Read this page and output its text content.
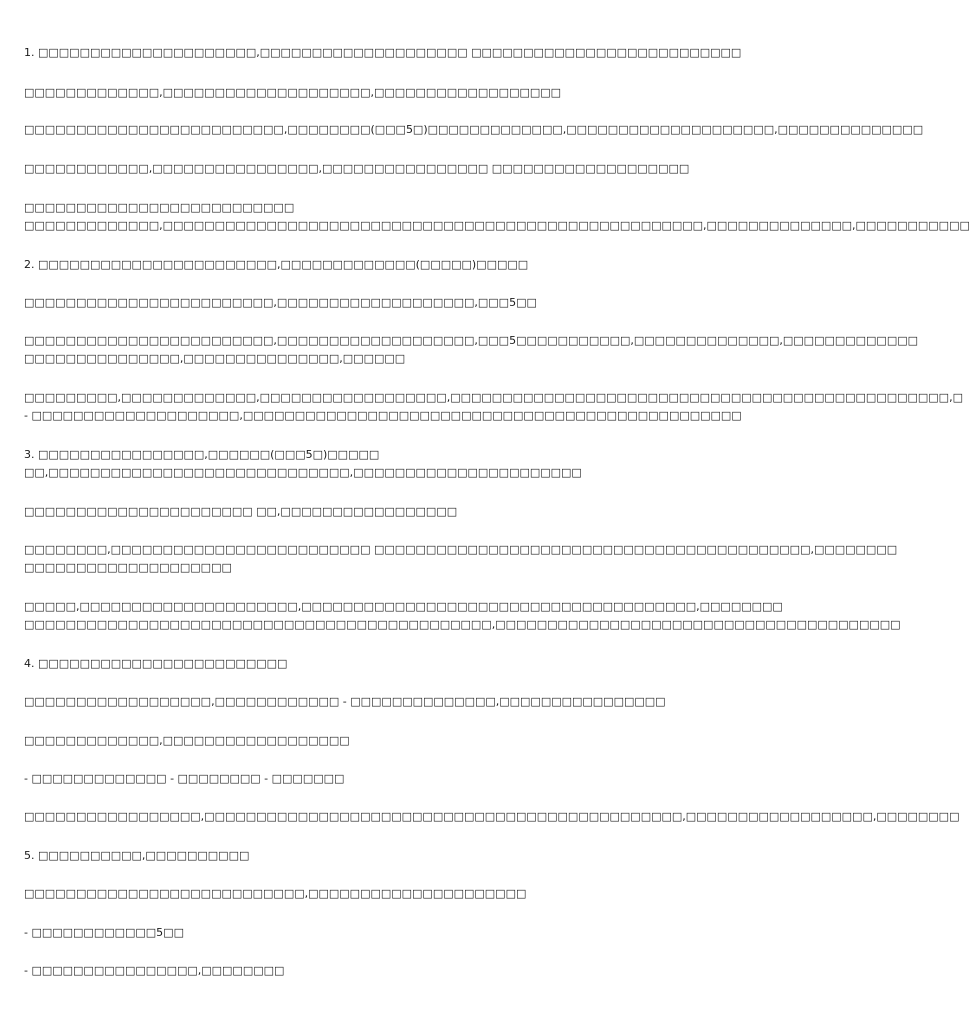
1. □□□□□□□□□□□□□□□□□□□□□,□□□□□□□□□□□□□□□□□□□□ □□□□□□□□□□□□□□□□□□□□□□□□□□
□□□□□□□□□□□□□,□□□□□□□□□□□□□□□□□□□□,□□□□□□□□□□□□□□□□□□
□□□□□□□□□□□□□□□□□□□□□□□□□,□□□□□□□□(□□□5□)□□□□□□□□□□□□□,□□□□□□□□□□□□□□□□□□□□,□□□□□□□□□□□□□□
□□□□□□□□□□□□,□□□□□□□□□□□□□□□□,□□□□□□□□□□□□□□□□ □□□□□□□□□□□□□□□□□□□
□□□□□□□□□□□□□□□□□□□□□□□□□□
□□□□□□□□□□□□□,□□□□□□□□□□□□□□□□□□□□□□□□□□□□□□□□□□□□□□□□□□□□□□□□□□□□,□□□□□□□□□□□□□□,□□□□□□□□□□□
2. □□□□□□□□□□□□□□□□□□□□□□□,□□□□□□□□□□□□□(□□□□□)□□□□□
□□□□□□□□□□□□□□□□□□□□□□□□,□□□□□□□□□□□□□□□□□□□,□□□5□□
□□□□□□□□□□□□□□□□□□□□□□□□,□□□□□□□□□□□□□□□□□□□,□□□5□□□□□□□□□□□,□□□□□□□□□□□□□□,□□□□□□□□□□□□□
□□□□□□□□□□□□□□□,□□□□□□□□□□□□□□□,□□□□□□
□□□□□□□□□,□□□□□□□□□□□□□,□□□□□□□□□□□□□□□□□□,□□□□□□□□□□□□□□□□□□□□□□□□□□□□□□□□□□□□□□□□□□□□□□□□,□
- □□□□□□□□□□□□□□□□□□□□,□□□□□□□□□□□□□□□□□□□□□□□□□□□□□□□□□□□□□□□□□□□□□□□□
3. □□□□□□□□□□□□□□□□,□□□□□□(□□□5□)□□□□□
□□,□□□□□□□□□□□□□□□□□□□□□□□□□□□□□,□□□□□□□□□□□□□□□□□□□□□□
□□□□□□□□□□□□□□□□□□□□□□ □□,□□□□□□□□□□□□□□□□□
□□□□□□□□,□□□□□□□□□□□□□□□□□□□□□□□□□ □□□□□□□□□□□□□□□□□□□□□□□□□□□□□□□□□□□□□□□□□□,□□□□□□□□
□□□□□□□□□□□□□□□□□□□□
□□□□□,□□□□□□□□□□□□□□□□□□□□□,□□□□□□□□□□□□□□□□□□□□□□□□□□□□□□□□□□□□□□,□□□□□□□□
□□□□□□□□□□□□□□□□□□□□□□□□□□□□□□□□□□□□□□□□□□□□□,□□□□□□□□□□□□□□□□□□□□□□□□□□□□□□□□□□□□□□□
4. □□□□□□□□□□□□□□□□□□□□□□□□
□□□□□□□□□□□□□□□□□□,□□□□□□□□□□□□ - □□□□□□□□□□□□□□,□□□□□□□□□□□□□□□□
□□□□□□□□□□□□□,□□□□□□□□□□□□□□□□□□
- □□□□□□□□□□□□□ - □□□□□□□□ - □□□□□□□
□□□□□□□□□□□□□□□□□,□□□□□□□□□□□□□□□□□□□□□□□□□□□□□□□□□□□□□□□□□□□□□□,□□□□□□□□□□□□□□□□□□,□□□□□□□□
5. □□□□□□□□□□,□□□□□□□□□□
□□□□□□□□□□□□□□□□□□□□□□□□□□□,□□□□□□□□□□□□□□□□□□□□□
- □□□□□□□□□□□□5□□
- □□□□□□□□□□□□□□□□,□□□□□□□□
